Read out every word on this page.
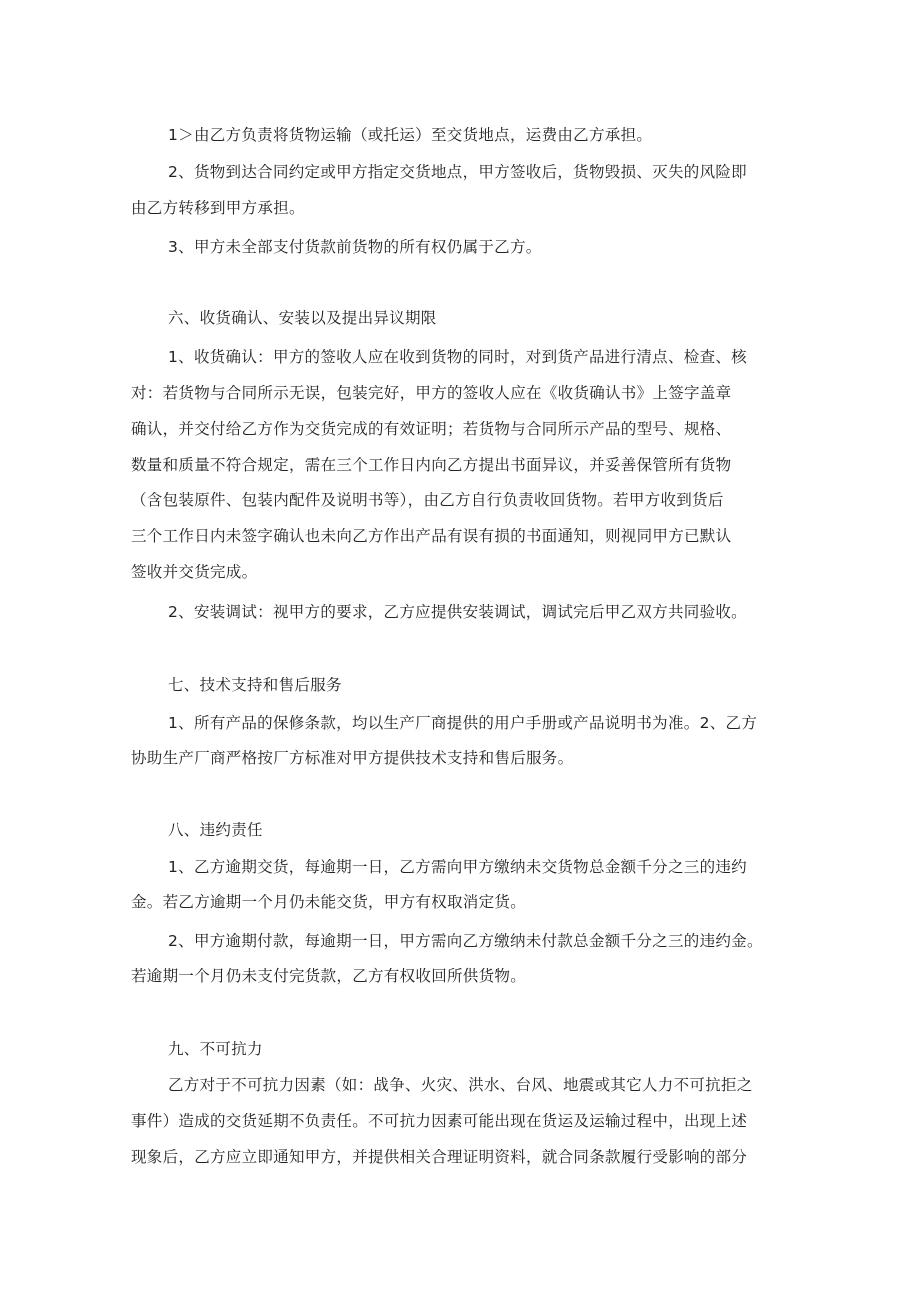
1＞由乙方负责将货物运输（或托运）至交货地点，运费由乙方承担。
2、货物到达合同约定或甲方指定交货地点，甲方签收后，货物毁损、灭失的风险即
由乙方转移到甲方承担。
3、甲方未全部支付货款前货物的所有权仍属于乙方。
六、收货确认、安装以及提出异议期限
1、收货确认：甲方的签收人应在收到货物的同时，对到货产品进行清点、检查、核
对：若货物与合同所示无误，包装完好，甲方的签收人应在《收货确认书》上签字盖章
确认，并交付给乙方作为交货完成的有效证明；若货物与合同所示产品的型号、规格、
数量和质量不符合规定，需在三个工作日内向乙方提出书面异议，并妥善保管所有货物
（含包装原件、包装内配件及说明书等），由乙方自行负责收回货物。若甲方收到货后
三个工作日内未签字确认也未向乙方作出产品有误有损的书面通知，则视同甲方已默认
签收并交货完成。
2、安装调试：视甲方的要求，乙方应提供安装调试，调试完后甲乙双方共同验收。
七、技术支持和售后服务
1、所有产品的保修条款，均以生产厂商提供的用户手册或产品说明书为准。2、乙方
协助生产厂商严格按厂方标准对甲方提供技术支持和售后服务。
八、违约责任
1、乙方逾期交货，每逾期一日，乙方需向甲方缴纳未交货物总金额千分之三的违约
金。若乙方逾期一个月仍未能交货，甲方有权取消定货。
2、甲方逾期付款，每逾期一日，甲方需向乙方缴纳未付款总金额千分之三的违约金。
若逾期一个月仍未支付完货款，乙方有权收回所供货物。
九、不可抗力
乙方对于不可抗力因素（如：战争、火灾、洪水、台风、地震或其它人力不可抗拒之
事件）造成的交货延期不负责任。不可抗力因素可能出现在货运及运输过程中，出现上述
现象后，乙方应立即通知甲方，并提供相关合理证明资料，就合同条款履行受影响的部分
